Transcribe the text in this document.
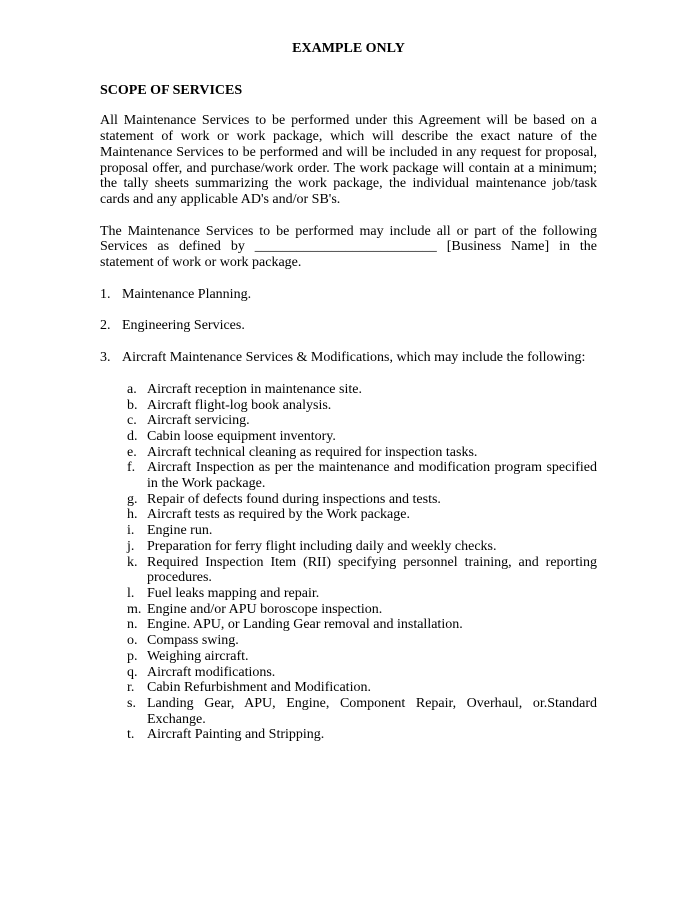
EXAMPLE ONLY
SCOPE OF SERVICES

All Maintenance Services to be performed under this Agreement will be based on a statement of work or work package, which will describe the exact nature of the Maintenance Services to be performed and will be included in any request for proposal, proposal offer, and purchase/work order. The work package will contain at a minimum; the tally sheets summarizing the work package, the individual maintenance job/task cards and any applicable AD's and/or SB's.

The Maintenance Services to be performed may include all or part of the following Services as defined by __________________________ [Business Name] in the statement of work or work package.

1. Maintenance Planning.
2. Engineering Services.
3. Aircraft Maintenance Services & Modifications, which may include the following:
a. Aircraft reception in maintenance site.
b. Aircraft flight-log book analysis.
c. Aircraft servicing.
d. Cabin loose equipment inventory.
e. Aircraft technical cleaning as required for inspection tasks.
f. Aircraft Inspection as per the maintenance and modification program specified in the Work package.
g. Repair of defects found during inspections and tests.
h. Aircraft tests as required by the Work package.
i. Engine run.
j. Preparation for ferry flight including daily and weekly checks.
k. Required Inspection Item (RII) specifying personnel training, and reporting procedures.
l. Fuel leaks mapping and repair.
m. Engine and/or APU boroscope inspection.
n. Engine. APU, or Landing Gear removal and installation.
o. Compass swing.
p. Weighing aircraft.
q. Aircraft modifications.
r. Cabin Refurbishment and Modification.
s. Landing Gear, APU, Engine, Component Repair, Overhaul, or.Standard Exchange.
t. Aircraft Painting and Stripping.
